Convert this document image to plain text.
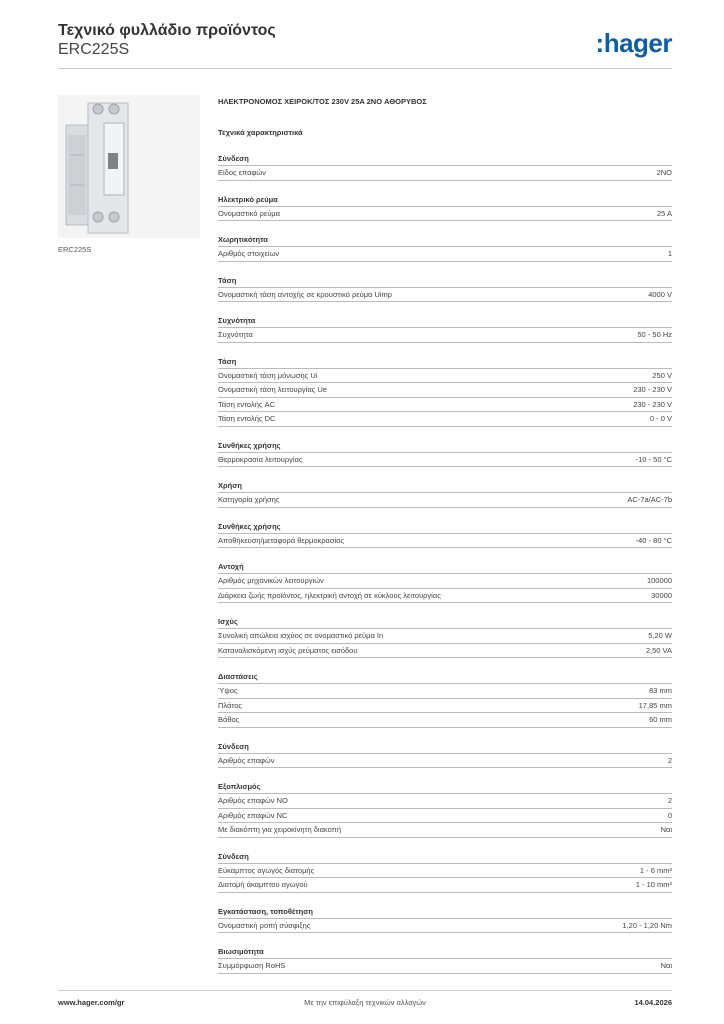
Τεχνικό φυλλάδιο προϊόντος
ERC225S	:hager
ERC225S
ΗΛΕΚΤΡΟΝΟΜΟΣ ΧΕΙΡΟΚ/ΤΟΣ 230V 25A 2NO ΑΘΟΡΥΒΟΣ
Τεχνικά χαρακτηριστικά
Σύνδεση
Είδος επαφών	2NO
Ηλεκτρικό ρεύμα
Ονομαστικό ρεύμα	25 A
Χωρητικότητα
Αριθμός στοιχείων	1
Τάση
Ονομαστική τάση αντοχής σε κρουστικό ρεύμα Uimp	4000 V
Συχνότητα
Συχνότητα	50 - 50 Hz
Τάση
Ονομαστική τάση μόνωσης Ui	250 V
Ονομαστική τάση λειτουργίας Ue	230 - 230 V
Τάση εντολής AC	230 - 230 V
Τάση εντολής DC	0 - 0 V
Συνθήκες χρήσης
Θερμοκρασία λειτουργίας	-10 - 50 °C
Χρήση
Κατηγορία χρήσης	AC-7a/AC-7b
Συνθήκες χρήσης
Αποθήκευση/μεταφορά θερμοκρασίας	-40 - 80 °C
Αντοχή
Αριθμός μηχανικών λειτουργιών	100000
Διάρκεια ζωής προϊόντος, ηλεκτρική αντοχή σε κύκλους λειτουργίας	30000
Ισχύς
Συνολική απώλεια ισχύος σε ονομαστικό ρεύμα In	5,20 W
Καταναλισκόμενη ισχύς ρεύματος εισόδου	2,50 VA
Διαστάσεις
Ύψος	83 mm
Πλάτος	17,85 mm
Βάθος	60 mm
Σύνδεση
Αριθμός επαφών	2
Εξοπλισμός
Αριθμός επαφών NO	2
Αριθμός επαφών NC	0
Με διακόπτη για χειροκίνητη διακοπή	Ναι
Σύνδεση
Εύκαμπτος αγωγός διατομής	1 - 6 mm²
Διατομή άκαμπτου αγωγού	1 - 10 mm²
Εγκατάσταση, τοποθέτηση
Ονομαστική ροπή σύσφιξης	1,20 - 1,20 Nm
Βιωσιμότητα
Συμμόρφωση RoHS	Ναι
www.hager.com/gr	Με την επιφύλαξη τεχνικών αλλαγών	14.04.2026
